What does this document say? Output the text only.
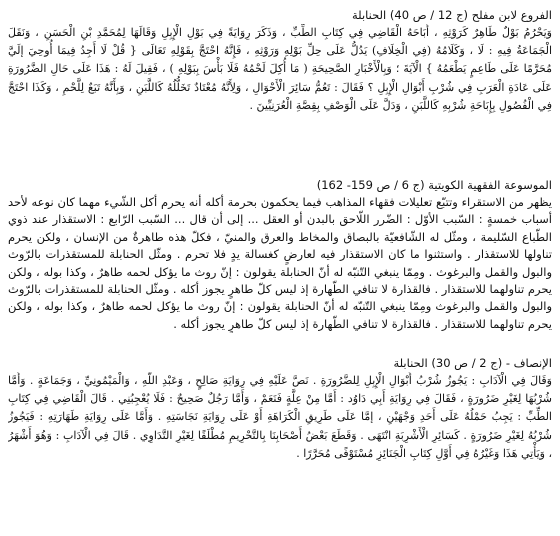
الفروع لابن مفلح (ج 12 / ص 40) الحنابلة
وَيَحْرُمُ بَوْلٌ طَاهِرٌ كَرَوْثِهِ ، أَبَاحَهُ الْقَاضِي فِي كِتَابِ الطِّبِّ ، وَذَكَرَ رِوَايَةً فِي بَوْلِ الْإِبِلِ وَقَالَهَا لِمُحَمَّدِ بْنِ الْحَسَنِ ، وَنَقَلَ الْجَمَاعَةُ فِيهِ : لَا ، وَكَلَامُهُ (فِي الْخِلَافِ) يَدُلُّ عَلَى حِلِّ بَوْلِهِ وَرَوْثِهِ ، فَإِنَّهُ احْتَجَّ بِقَوْلِهِ تَعَالَى { قُلْ لَا أَجِدُ فِيمَا أُوحِيَ إلَيَّ مُحَرَّمًا عَلَى طَاعِمٍ يَطْعَمُهُ } الْآيَةَ ؛ وَبِالْأَخْبَارِ الصَّحِيحَةِ ( مَا أُكِلَ لَحْمُهُ فَلَا بَأْسَ بِبَوْلِهِ ) ، فَقِيلَ لَهُ : هَذَا عَلَى حَالِ الضَّرُورَةِ عَلَى عَادَةِ الْعَرَبِ فِي شُرْبِ أَبْوَالِ الْإِبِلِ ؟ فَقَالَ : تَعُمُّ سَائِرَ الْأَحْوَالِ ، وَلِأَنَّهُ مُعْتَادٌ تَخَلُّلُهُ كَاللَّبَنِ ، وَبِأَنَّهُ تَبَعٌ لِلَّحْمِ ، وَكَذَا احْتَجَّ فِي الْفُصُولِ بِإِبَاحَةِ شُرْبِهِ كَاللَّبَنِ ، وَدَلَّ عَلَى الْوَصْفِ بِقِصَّةِ الْعُرَنِيِّينَ .
الموسوعة الفقهية الكويتية (ج 6 / ص 159- 162)
يظهر من الاستقراء وتتبّع تعليلات فقهاء المذاهب فيما يحكمون بحرمة أكله أنه يحرم أكل الشّيء مهما كان نوعه لأحد أسباب خمسةٍ : السّبب الأوّل : الضّرر اللّاحق بالبدن أو العقل ... إلى أن قال ... السّبب الرّابع : الاستقذار عند ذوي الطّباع السّليمة ، ومثّل له الشّافعيّة بالبصاق والمخاط والعرق والمنيّ ، فكلّ هذه طاهرةٌ من الإنسان ، ولكن يحرم تناولها للاستقذار . واستثنوا ما كان الاستقذار فيه لعارضٍ كغسالة يدٍ فلا تحرم . ومثّل الحنابلة للمستقذرات بالرّوث والبول والقمل والبرغوث . ومِمّا ينبغي التّنبّه له أنّ الحنابلة يقولون : إنّ روث ما يؤكل لحمه طاهرٌ ، وكذا بوله ، ولكن يحرم تناولهما للاستقذار . فالقذارة لا تنافي الطّهارة إذ ليس كلّ طاهرٍ يجوز أكله . ومثّل الحنابلة للمستقذرات بالرّوث والبول والقمل والبرغوث ومِمّا ينبغي التّنبّه له أنّ الحنابلة يقولون : إنّ روث ما يؤكل لحمه طاهرٌ ، وكذا بوله ، ولكن يحرم تناولهما للاستقذار . فالقذارة لا تنافي الطّهارة إذ ليس كلّ طاهرٍ يجوز أكله .
الإنصاف - (ج 2 / ص 30) الحنابلة
وَقَالَ فِي الْآدَابِ : يَجُوزُ شُرْبُ أَبْوَالِ الْإِبِلِ لِلضَّرُورَةِ . نَصَّ عَلَيْهِ فِي رِوَايَةِ صَالِحٍ ، وَعَبْدِ اللَّهِ ، وَالْمَيْمُونِيِّ ، وَجَمَاعَةٍ . وَأَمَّا شُرْبُهَا لِغَيْرِ ضَرُورَةٍ ، فَقَالَ فِي رِوَايَةِ أَبِي دَاوُد : أَمَّا مِنْ عِلَّةٍ فَنَعَمْ ، وَأَمَّا رَجُلٌ صَحِيحٌ : فَلَا يُعْجِبُنِي . قَالَ الْقَاضِي فِي كِتَابِ الطِّبِّ : يَجِبُ حَمْلُهُ عَلَى أَحَدِ وَجْهَيْنِ ، إمَّا عَلَى طَرِيقِ الْكَرَاهَةِ أَوْ عَلَى رِوَايَةِ نَجَاسَتِهِ . وَأَمَّا عَلَى رِوَايَةِ طَهَارَتِهِ : فَيَجُوزُ شُرْبُهُ لِغَيْرِ ضَرُورَةٍ . كَسَائِرِ الْأَشْرِبَةِ انْتَهَى . وَقَطَعَ بَعْضُ أَصْحَابِنَا بِالتَّحْرِيمِ مُطْلَقًا لِغَيْرِ التَّدَاوِي . قَالَ فِي الْآدَابِ : وَهُوَ أَشْهَرُ ، وَيَأْتِي هَذَا وَغَيْرُهُ فِي أَوَّلِ كِتَابِ الْجَنَائِزِ مُسْتَوْفًى مُحَرَّرًا .
